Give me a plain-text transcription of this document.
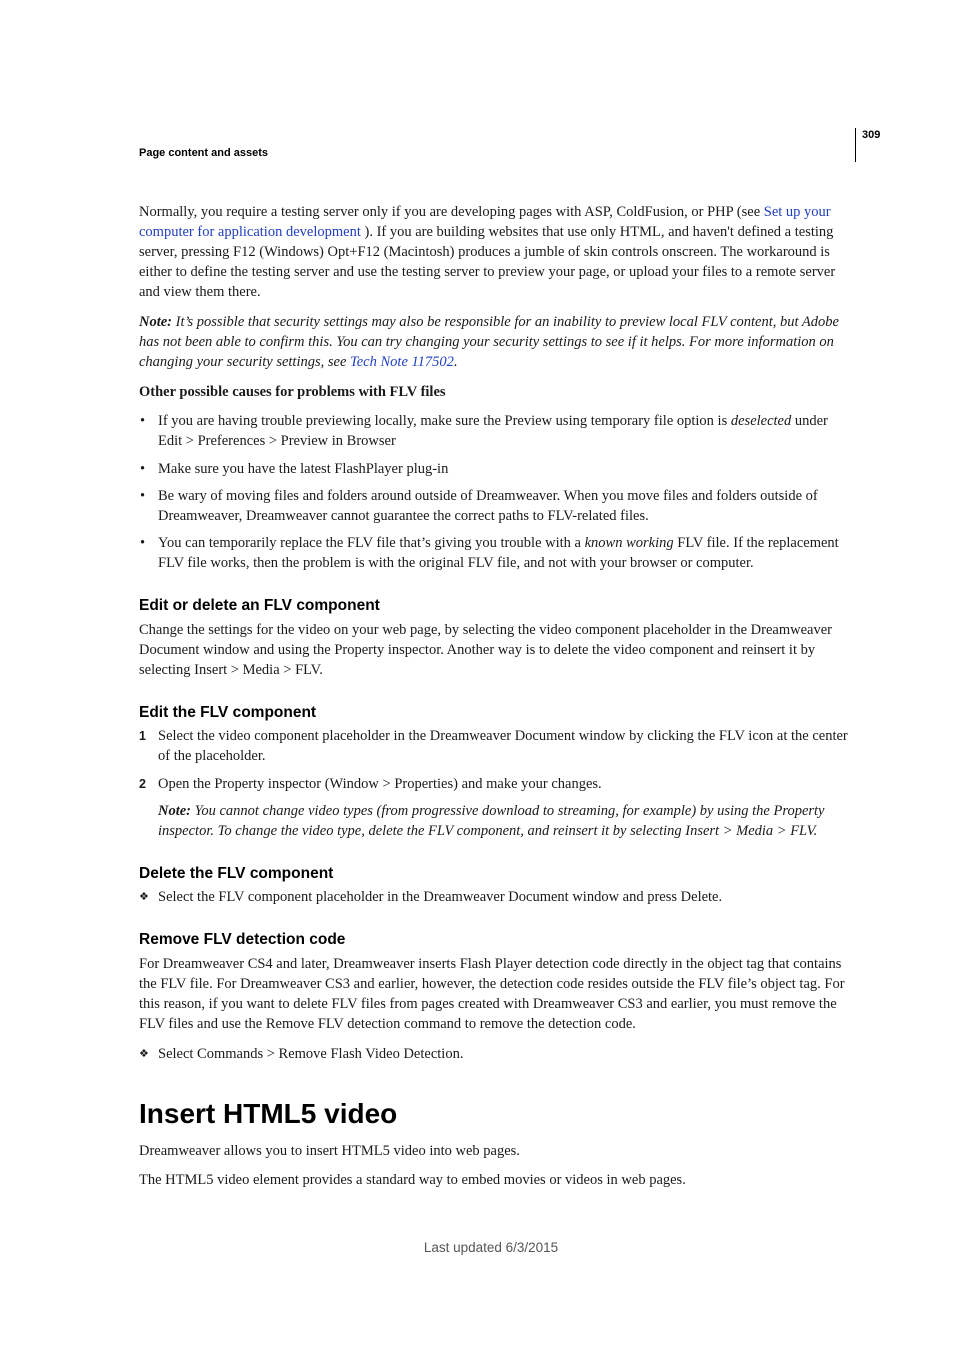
309
Page content and assets

Normally, you require a testing server only if you are developing pages with ASP, ColdFusion, or PHP (see Set up your computer for application development ). If you are building websites that use only HTML, and haven't defined a testing server, pressing F12 (Windows) Opt+F12 (Macintosh) produces a jumble of skin controls onscreen. The workaround is either to define the testing server and use the testing server to preview your page, or upload your files to a remote server and view them there.

Note: It’s possible that security settings may also be responsible for an inability to preview local FLV content, but Adobe has not been able to confirm this. You can try changing your security settings to see if it helps. For more information on changing your security settings, see Tech Note 117502.

Other possible causes for problems with FLV files

• If you are having trouble previewing locally, make sure the Preview using temporary file option is deselected under Edit > Preferences > Preview in Browser
• Make sure you have the latest FlashPlayer plug-in
• Be wary of moving files and folders around outside of Dreamweaver. When you move files and folders outside of Dreamweaver, Dreamweaver cannot guarantee the correct paths to FLV-related files.
• You can temporarily replace the FLV file that’s giving you trouble with a known working FLV file. If the replacement FLV file works, then the problem is with the original FLV file, and not with your browser or computer.
Edit or delete an FLV component

Change the settings for the video on your web page, by selecting the video component placeholder in the Dreamweaver Document window and using the Property inspector. Another way is to delete the video component and reinsert it by selecting Insert > Media > FLV.

Edit the FLV component
1 Select the video component placeholder in the Dreamweaver Document window by clicking the FLV icon at the center of the placeholder.
2 Open the Property inspector (Window > Properties) and make your changes.

Note: You cannot change video types (from progressive download to streaming, for example) by using the Property inspector. To change the video type, delete the FLV component, and reinsert it by selecting Insert > Media > FLV.

Delete the FLV component
❖ Select the FLV component placeholder in the Dreamweaver Document window and press Delete.
Remove FLV detection code

For Dreamweaver CS4 and later, Dreamweaver inserts Flash Player detection code directly in the object tag that contains the FLV file. For Dreamweaver CS3 and earlier, however, the detection code resides outside the FLV file’s object tag. For this reason, if you want to delete FLV files from pages created with Dreamweaver CS3 and earlier, you must remove the FLV files and use the Remove FLV detection command to remove the detection code.

❖ Select Commands > Remove Flash Video Detection.
Insert HTML5 video

Dreamweaver allows you to insert HTML5 video into web pages.

The HTML5 video element provides a standard way to embed movies or videos in web pages.

Last updated 6/3/2015
